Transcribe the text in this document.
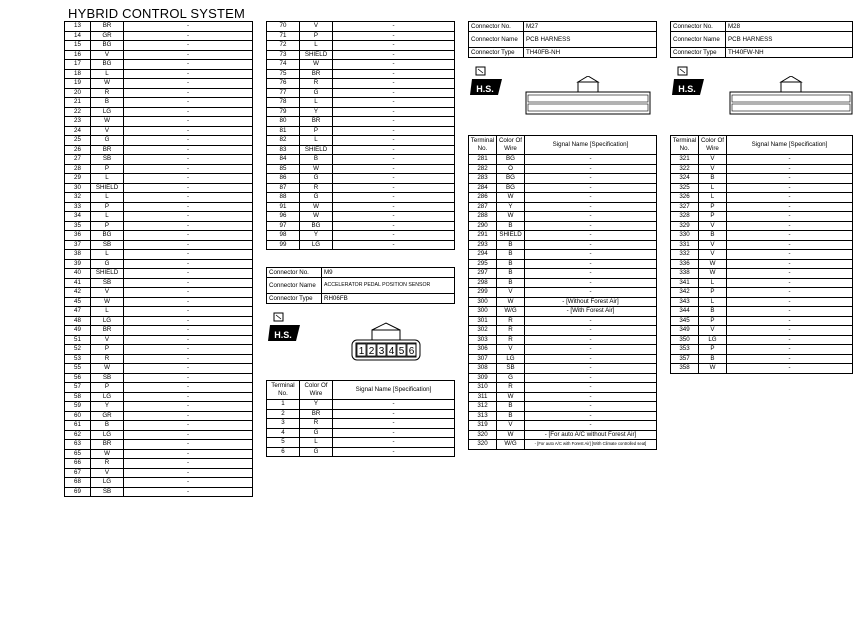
HYBRID CONTROL SYSTEM
13	BR	-
14	GR	-
15	BG	-
16	V	-
17	BG	-
18	L	-
19	W	-
20	R	-
21	B	-
22	LG	-
23	W	-
24	V	-
25	G	-
26	BR	-
27	SB	-
28	P	-
29	L	-
30	SHIELD	-
32	L	-
33	P	-
34	L	-
35	P	-
36	BG	-
37	SB	-
38	L	-
39	G	-
40	SHIELD	-
41	SB	-
42	V	-
45	W	-
47	L	-
48	LG	-
49	BR	-
51	V	-
52	P	-
53	R	-
55	W	-
56	SB	-
57	P	-
58	LG	-
59	Y	-
60	GR	-
61	B	-
62	LG	-
63	BR	-
65	W	-
66	R	-
67	V	-
68	LG	-
69	SB	-
70	V	-
71	P	-
72	L	-
73	SHIELD	-
74	W	-
75	BR	-
76	R	-
77	G	-
78	L	-
79	Y	-
80	BR	-
81	P	-
82	L	-
83	SHIELD	-
84	B	-
85	W	-
86	G	-
87	R	-
88	G	-
91	W	-
96	W	-
97	BG	-
98	Y	-
99	LG	-
Connector No.	M9
Connector Name	ACCELERATOR PEDAL POSITION SENSOR
Connector Type	RH06FB
H.S.
1 2 3 4 5 6
Terminal No.	Color Of Wire	Signal Name [Specification]
1	Y	-
2	BR	-
3	R	-
4	G	-
5	L	-
6	G	-
Connector No.	M27
Connector Name	PCB HARNESS
Connector Type	TH40FB-NH
H.S.
Terminal No.	Color Of Wire	Signal Name [Specification]
281	BG	-
282	O	-
283	BG	-
284	BG	-
286	W	-
287	Y	-
288	W	-
290	B	-
291	SHIELD	-
293	B	-
294	B	-
295	B	-
297	B	-
298	B	-
299	V	-
300	W	- [Without Forest Air]
300	W/G	- [With Forest Air]
301	R	-
302	R	-
303	R	-
306	V	-
307	LG	-
308	SB	-
309	G	-
310	R	-
311	W	-
312	B	-
313	B	-
319	V	-
320	W	- [For auto A/C without Forest Air]
320	W/G	- [For auto A/C with Forest Air] [With Climate controlled seat]
Connector No.	M28
Connector Name	PCB HARNESS
Connector Type	TH40FW-NH
H.S.
Terminal No.	Color Of Wire	Signal Name [Specification]
321	V	-
322	V	-
324	B	-
325	L	-
326	L	-
327	P	-
328	P	-
329	V	-
330	B	-
331	V	-
332	V	-
336	W	-
338	W	-
341	L	-
342	P	-
343	L	-
344	B	-
345	P	-
349	V	-
350	LG	-
353	P	-
357	B	-
358	W	-
